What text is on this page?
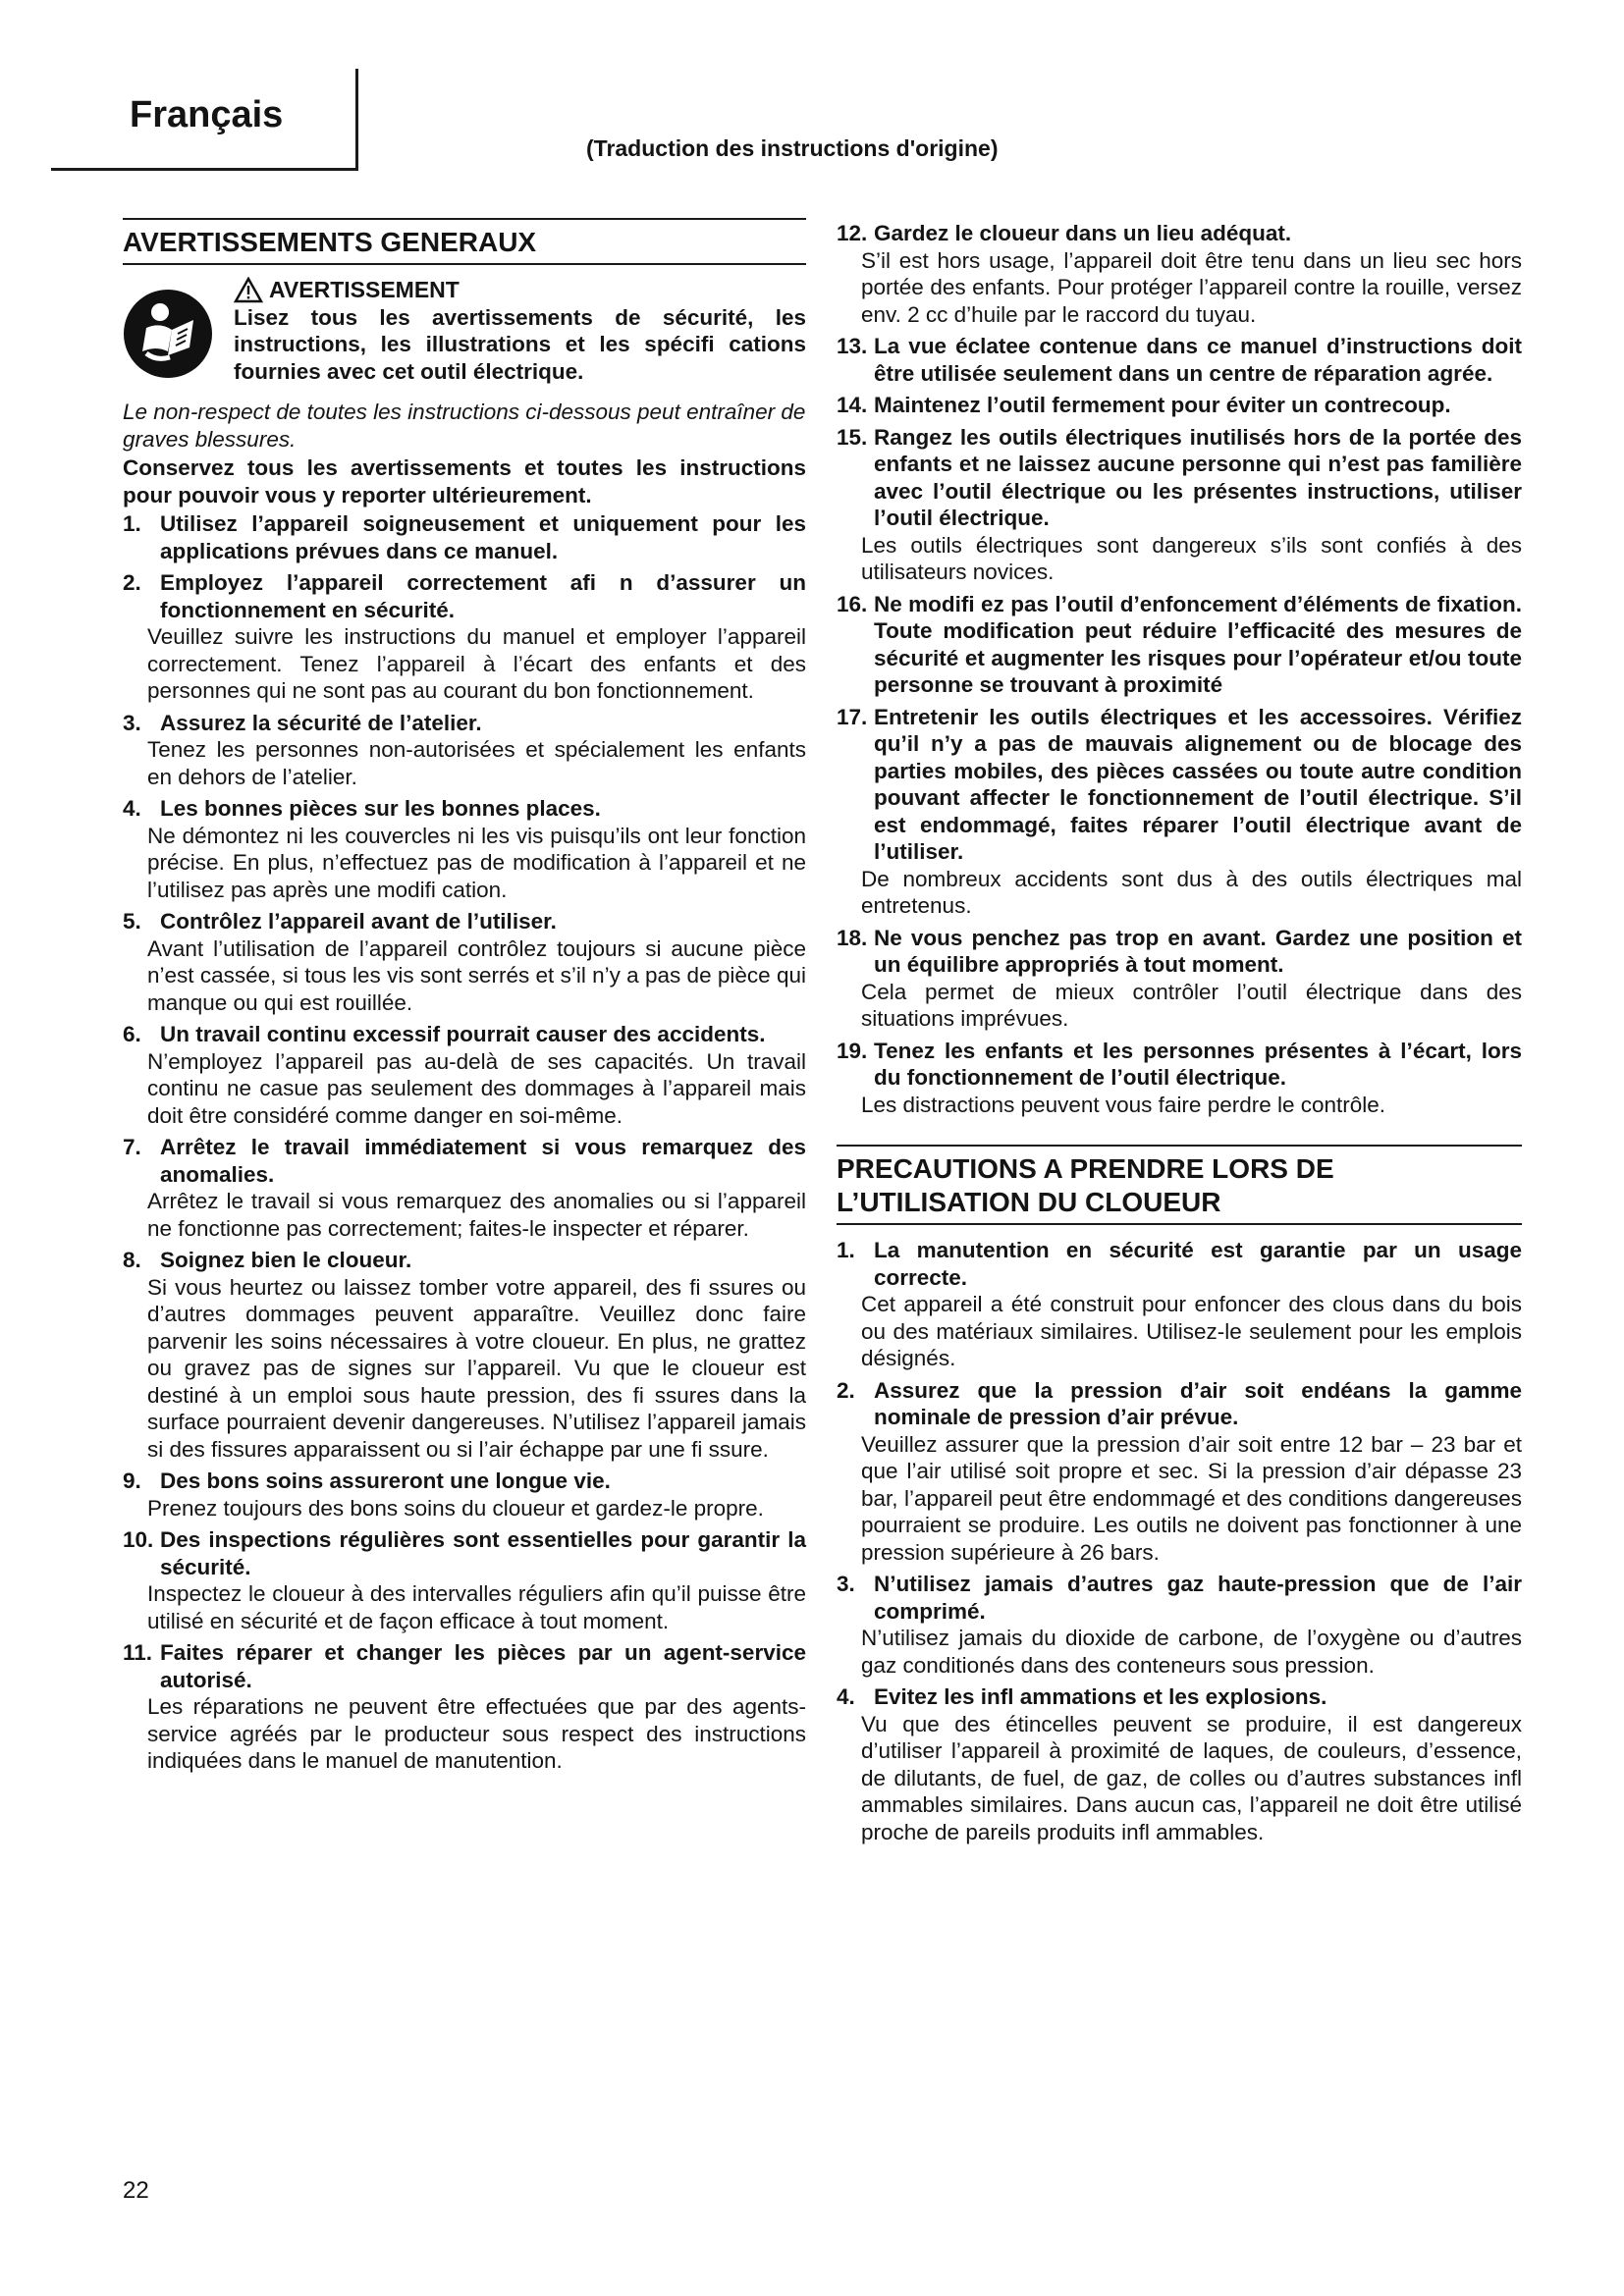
Français
(Traduction des instructions d'origine)
AVERTISSEMENTS GENERAUX
AVERTISSEMENT
Lisez tous les avertissements de sécurité, les instructions, les illustrations et les spécifi cations fournies avec cet outil électrique.
Le non-respect de toutes les instructions ci-dessous peut entraîner de graves blessures.
Conservez tous les avertissements et toutes les instructions pour pouvoir vous y reporter ultérieurement.
1. Utilisez l’appareil soigneusement et uniquement pour les applications prévues dans ce manuel.
2. Employez l’appareil correctement afi n d’assurer un fonctionnement en sécurité.
Veuillez suivre les instructions du manuel et employer l’appareil correctement. Tenez l’appareil à l’écart des enfants et des personnes qui ne sont pas au courant du bon fonctionnement.
3. Assurez la sécurité de l’atelier.
Tenez les personnes non-autorisées et spécialement les enfants en dehors de l’atelier.
4. Les bonnes pièces sur les bonnes places.
Ne démontez ni les couvercles ni les vis puisqu’ils ont leur fonction précise. En plus, n’effectuez pas de modification à l’appareil et ne l’utilisez pas après une modifi cation.
5. Contrôlez l’appareil avant de l’utiliser.
Avant l’utilisation de l’appareil contrôlez toujours si aucune pièce n’est cassée, si tous les vis sont serrés et s’il n’y a pas de pièce qui manque ou qui est rouillée.
6. Un travail continu excessif pourrait causer des accidents.
N’employez l’appareil pas au-delà de ses capacités. Un travail continu ne casue pas seulement des dommages à l’appareil mais doit être considéré comme danger en soi-même.
7. Arrêtez le travail immédiatement si vous remarquez des anomalies.
Arrêtez le travail si vous remarquez des anomalies ou si l’appareil ne fonctionne pas correctement; faites-le inspecter et réparer.
8. Soignez bien le cloueur.
Si vous heurtez ou laissez tomber votre appareil, des fi ssures ou d’autres dommages peuvent apparaître. Veuillez donc faire parvenir les soins nécessaires à votre cloueur. En plus, ne grattez ou gravez pas de signes sur l’appareil. Vu que le cloueur est destiné à un emploi sous haute pression, des fi ssures dans la surface pourraient devenir dangereuses. N’utilisez l’appareil jamais si des fissures apparaissent ou si l’air échappe par une fi ssure.
9. Des bons soins assureront une longue vie.
Prenez toujours des bons soins du cloueur et gardez-le propre.
10. Des inspections régulières sont essentielles pour garantir la sécurité.
Inspectez le cloueur à des intervalles réguliers afin qu’il puisse être utilisé en sécurité et de façon efficace à tout moment.
11. Faites réparer et changer les pièces par un agent-service autorisé.
Les réparations ne peuvent être effectuées que par des agents-service agréés par le producteur sous respect des instructions indiquées dans le manuel de manutention.
12. Gardez le cloueur dans un lieu adéquat.
S’il est hors usage, l’appareil doit être tenu dans un lieu sec hors portée des enfants. Pour protéger l’appareil contre la rouille, versez env. 2 cc d’huile par le raccord du tuyau.
13. La vue éclatee contenue dans ce manuel d’instructions doit être utilisée seulement dans un centre de réparation agrée.
14. Maintenez l’outil fermement pour éviter un contrecoup.
15. Rangez les outils électriques inutilisés hors de la portée des enfants et ne laissez aucune personne qui n’est pas familière avec l’outil électrique ou les présentes instructions, utiliser l’outil électrique.
Les outils électriques sont dangereux s’ils sont confiés à des utilisateurs novices.
16. Ne modifi ez pas l’outil d’enfoncement d’éléments de fixation. Toute modification peut réduire l’efficacité des mesures de sécurité et augmenter les risques pour l’opérateur et/ou toute personne se trouvant à proximité
17. Entretenir les outils électriques et les accessoires. Vérifiez qu’il n’y a pas de mauvais alignement ou de blocage des parties mobiles, des pièces cassées ou toute autre condition pouvant affecter le fonctionnement de l’outil électrique. S’il est endommagé, faites réparer l’outil électrique avant de l’utiliser.
De nombreux accidents sont dus à des outils électriques mal entretenus.
18. Ne vous penchez pas trop en avant. Gardez une position et un équilibre appropriés à tout moment.
Cela permet de mieux contrôler l’outil électrique dans des situations imprévues.
19. Tenez les enfants et les personnes présentes à l’écart, lors du fonctionnement de l’outil électrique.
Les distractions peuvent vous faire perdre le contrôle.
PRECAUTIONS A PRENDRE LORS DE L’UTILISATION DU CLOUEUR
1. La manutention en sécurité est garantie par un usage correcte.
Cet appareil a été construit pour enfoncer des clous dans du bois ou des matériaux similaires. Utilisez-le seulement pour les emplois désignés.
2. Assurez que la pression d’air soit endéans la gamme nominale de pression d’air prévue.
Veuillez assurer que la pression d’air soit entre 12 bar – 23 bar et que l’air utilisé soit propre et sec. Si la pression d’air dépasse 23 bar, l’appareil peut être endommagé et des conditions dangereuses pourraient se produire. Les outils ne doivent pas fonctionner à une pression supérieure à 26 bars.
3. N’utilisez jamais d’autres gaz haute-pression que de l’air comprimé.
N’utilisez jamais du dioxide de carbone, de l’oxygène ou d’autres gaz conditionés dans des conteneurs sous pression.
4. Evitez les infl ammations et les explosions.
Vu que des étincelles peuvent se produire, il est dangereux d’utiliser l’appareil à proximité de laques, de couleurs, d’essence, de dilutants, de fuel, de gaz, de colles ou d’autres substances infl ammables similaires. Dans aucun cas, l’appareil ne doit être utilisé proche de pareils produits infl ammables.
22
